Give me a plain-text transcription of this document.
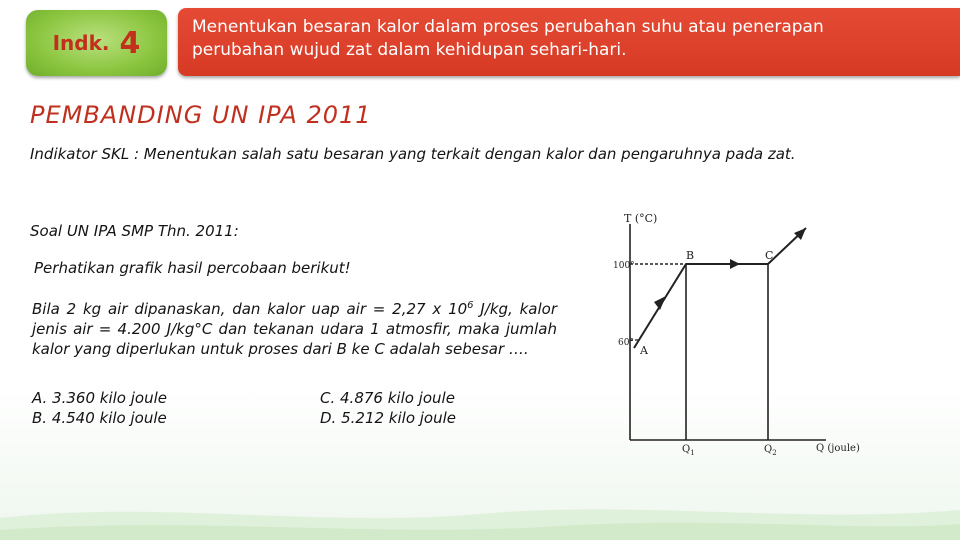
Indk. 4	Menentukan besaran kalor dalam proses perubahan suhu atau penerapan perubahan wujud zat dalam kehidupan sehari-hari.
PEMBANDING UN IPA 2011
Indikator SKL : Menentukan salah satu besaran yang terkait dengan kalor dan pengaruhnya pada zat.
Soal UN IPA SMP Thn. 2011:
Perhatikan grafik hasil percobaan berikut!
Bila 2 kg air dipanaskan, dan kalor uap air = 2,27 x $10^6$ J/kg, kalor jenis air = 4.200 J/kg°C dan tekanan udara 1 atmosfir, maka jumlah kalor yang diperlukan untuk proses dari B ke C adalah sebesar ….
A. 3.360 kilo joule	C. 4.876 kilo joule
B. 4.540 kilo joule	D. 5.212 kilo joule
T (°C)
Q (joule)
100°
60°
A
B	C
$Q_1$	$Q_2$
